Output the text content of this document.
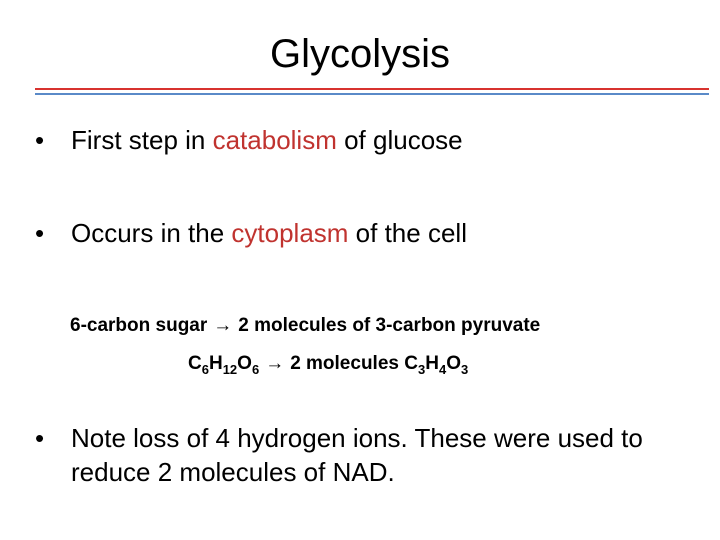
Glycolysis
• First step in catabolism of glucose
• Occurs in the cytoplasm of the cell
6-carbon sugar → 2 molecules of 3-carbon pyruvate
$C_6H_{12}O_6 \to 2$ molecules $C_3H_4O_3$
• Note loss of 4 hydrogen ions. These were used to reduce 2 molecules of NAD.
